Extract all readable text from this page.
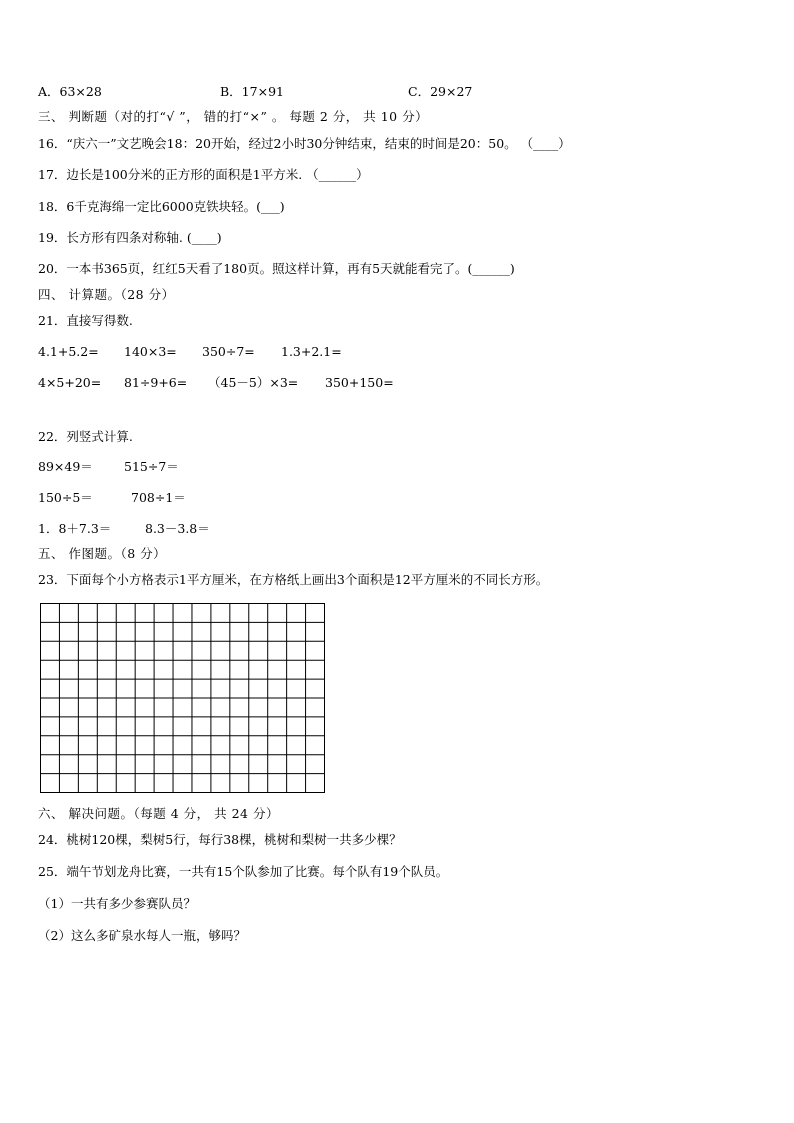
A．63×28	B．17×91	C．29×27
三、 判断题（对的打“√ ”， 错的打“×” 。 每题 2 分， 共 10 分）
16．“庆六一”文艺晚会18：20开始，经过2小时30分钟结束，结束的时间是20：50。 （____）
17．边长是100分米的正方形的面积是1平方米. （______）
18．6千克海绵一定比6000克铁块轻。(___)
19．长方形有四条对称轴. (____)
20．一本书365页，红红5天看了180页。照这样计算，再有5天就能看完了。(______)
四、 计算题。（28 分）
21．直接写得数.
4.1+5.2= 140×3= 350÷7= 1.3+2.1=
4×5+20= 81÷9+6= （45－5）×3= 350+150=
22．列竖式计算.
89×49＝ 515÷7＝
150÷5＝	708÷1＝
1．8＋7.3＝	8.3－3.8＝
五、 作图题。（8 分）
23．下面每个小方格表示1平方厘米，在方格纸上画出3个面积是12平方厘米的不同长方形。
六、 解决问题。（每题 4 分， 共 24 分）
24．桃树120棵，梨树5行，每行38棵，桃树和梨树一共多少棵？
25．端午节划龙舟比赛，一共有15个队参加了比赛。每个队有19个队员。
（1）一共有多少参赛队员？
（2）这么多矿泉水每人一瓶，够吗？
